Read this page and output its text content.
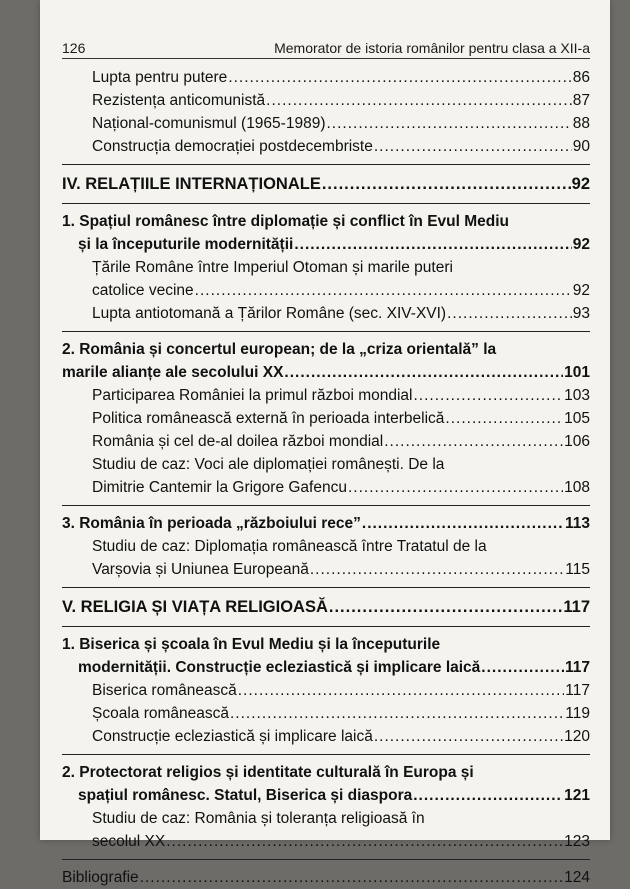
126	Memorator de istoria românilor pentru clasa a XII-a
Lupta pentru putere .....	86
Rezistența anticomunistă .....	87
Național-comunismul (1965-1989) .....	88
Construcția democrației postdecembriste .....	90
IV. RELAȚIILE INTERNAȚIONALE .....	92
1. Spațiul românesc între diplomație și conflict în Evul Mediu
și la începuturile modernității .....	92
Țările Române între Imperiul Otoman și marile puteri
catolice vecine .....	92
Lupta antiotomană a Țărilor Române (sec. XIV-XVI) .....	93
2. România și concertul european; de la „criza orientală” la
marile alianțe ale secolului XX .....	101
Participarea României la primul război mondial .....	103
Politica românească externă în perioada interbelică .....	105
România și cel de-al doilea război mondial .....	106
Studiu de caz: Voci ale diplomației românești. De la
Dimitrie Cantemir la Grigore Gafencu .....	108
3. România în perioada „războiului rece” .....	113
Studiu de caz: Diplomația românească între Tratatul de la
Varșovia și Uniunea Europeană .....	115
V. RELIGIA ȘI VIAȚA RELIGIOASĂ .....	117
1. Biserica și școala în Evul Mediu și la începuturile
modernității. Construcție ecleziastică și implicare laică .....	117
Biserica românească .....	117
Școala românească .....	119
Construcție ecleziastică și implicare laică .....	120
2. Protectorat religios și identitate culturală în Europa și
spațiul românesc. Statul, Biserica și diaspora .....	121
Studiu de caz: România și toleranța religioasă în
secolul XX .....	123
Bibliografie .....	124
